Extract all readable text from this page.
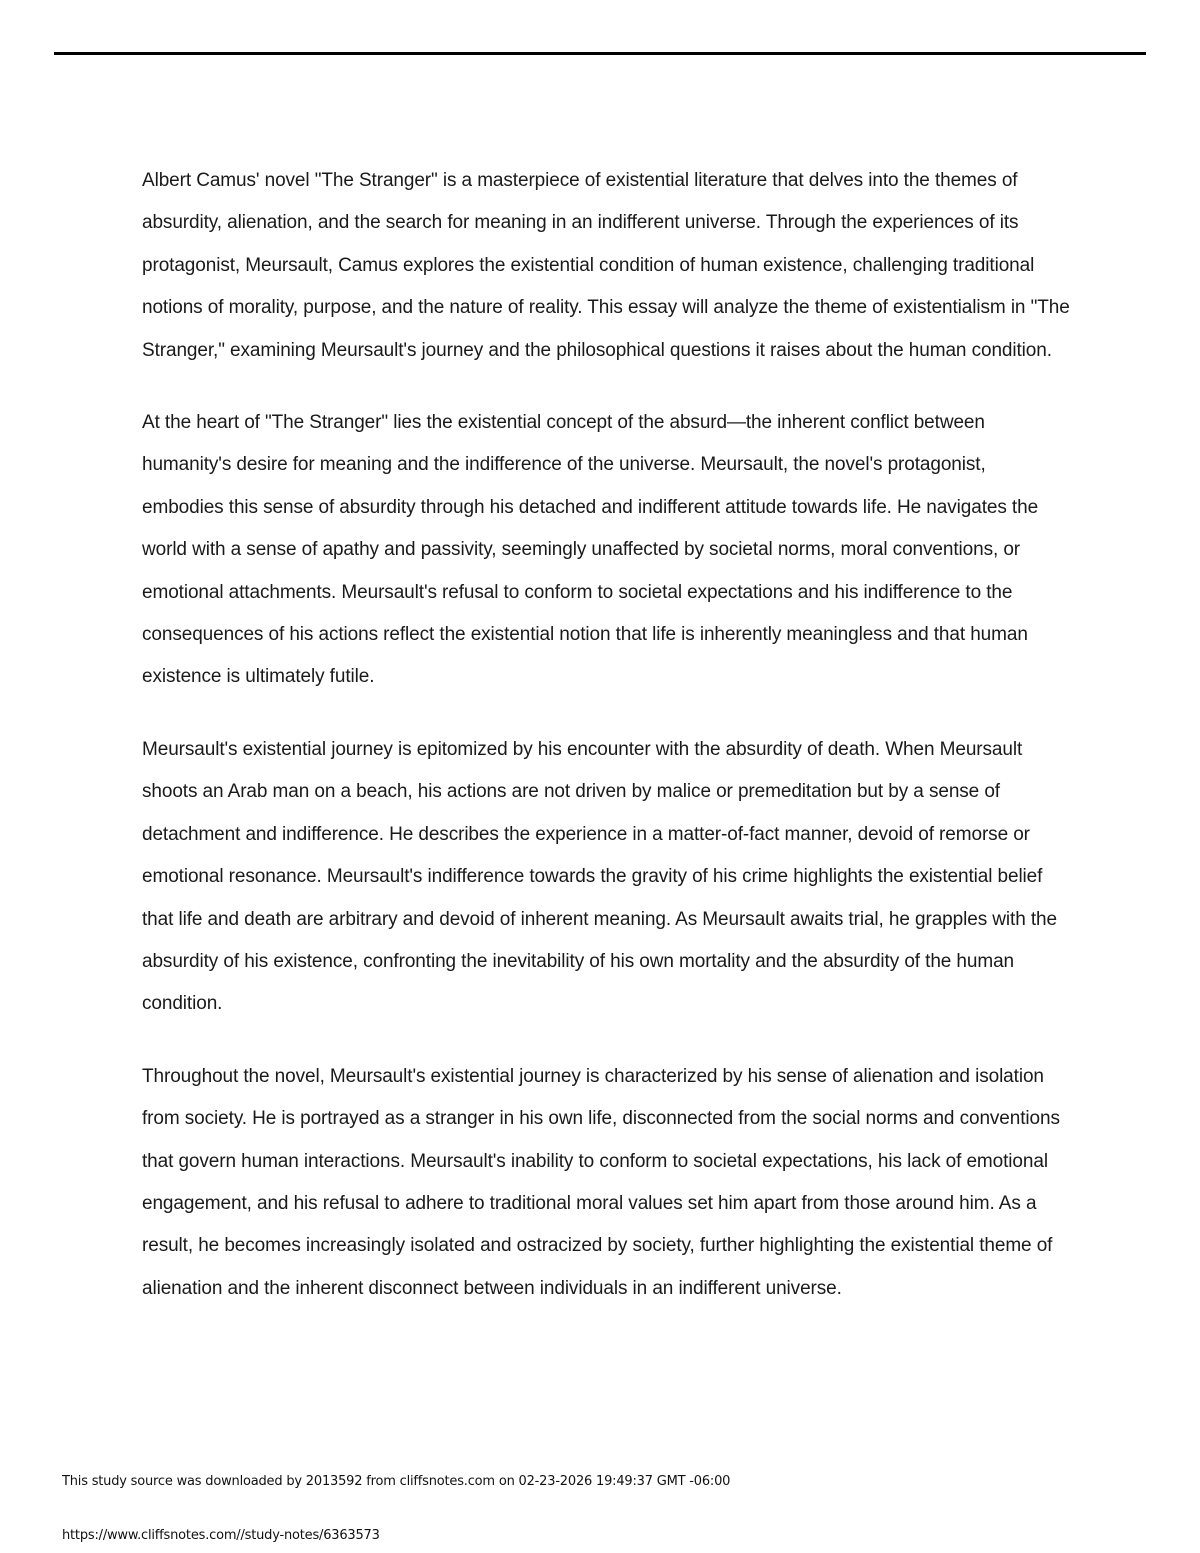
Albert Camus' novel "The Stranger" is a masterpiece of existential literature that delves into the themes of absurdity, alienation, and the search for meaning in an indifferent universe. Through the experiences of its protagonist, Meursault, Camus explores the existential condition of human existence, challenging traditional notions of morality, purpose, and the nature of reality. This essay will analyze the theme of existentialism in "The Stranger," examining Meursault's journey and the philosophical questions it raises about the human condition.

At the heart of "The Stranger" lies the existential concept of the absurd—the inherent conflict between humanity's desire for meaning and the indifference of the universe. Meursault, the novel's protagonist, embodies this sense of absurdity through his detached and indifferent attitude towards life. He navigates the world with a sense of apathy and passivity, seemingly unaffected by societal norms, moral conventions, or emotional attachments. Meursault's refusal to conform to societal expectations and his indifference to the consequences of his actions reflect the existential notion that life is inherently meaningless and that human existence is ultimately futile.

Meursault's existential journey is epitomized by his encounter with the absurdity of death. When Meursault shoots an Arab man on a beach, his actions are not driven by malice or premeditation but by a sense of detachment and indifference. He describes the experience in a matter-of-fact manner, devoid of remorse or emotional resonance. Meursault's indifference towards the gravity of his crime highlights the existential belief that life and death are arbitrary and devoid of inherent meaning. As Meursault awaits trial, he grapples with the absurdity of his existence, confronting the inevitability of his own mortality and the absurdity of the human condition.

Throughout the novel, Meursault's existential journey is characterized by his sense of alienation and isolation from society. He is portrayed as a stranger in his own life, disconnected from the social norms and conventions that govern human interactions. Meursault's inability to conform to societal expectations, his lack of emotional engagement, and his refusal to adhere to traditional moral values set him apart from those around him. As a result, he becomes increasingly isolated and ostracized by society, further highlighting the existential theme of alienation and the inherent disconnect between individuals in an indifferent universe.

This study source was downloaded by 2013592 from cliffsnotes.com on 02-23-2026 19:49:37 GMT -06:00
https://www.cliffsnotes.com//study-notes/6363573
